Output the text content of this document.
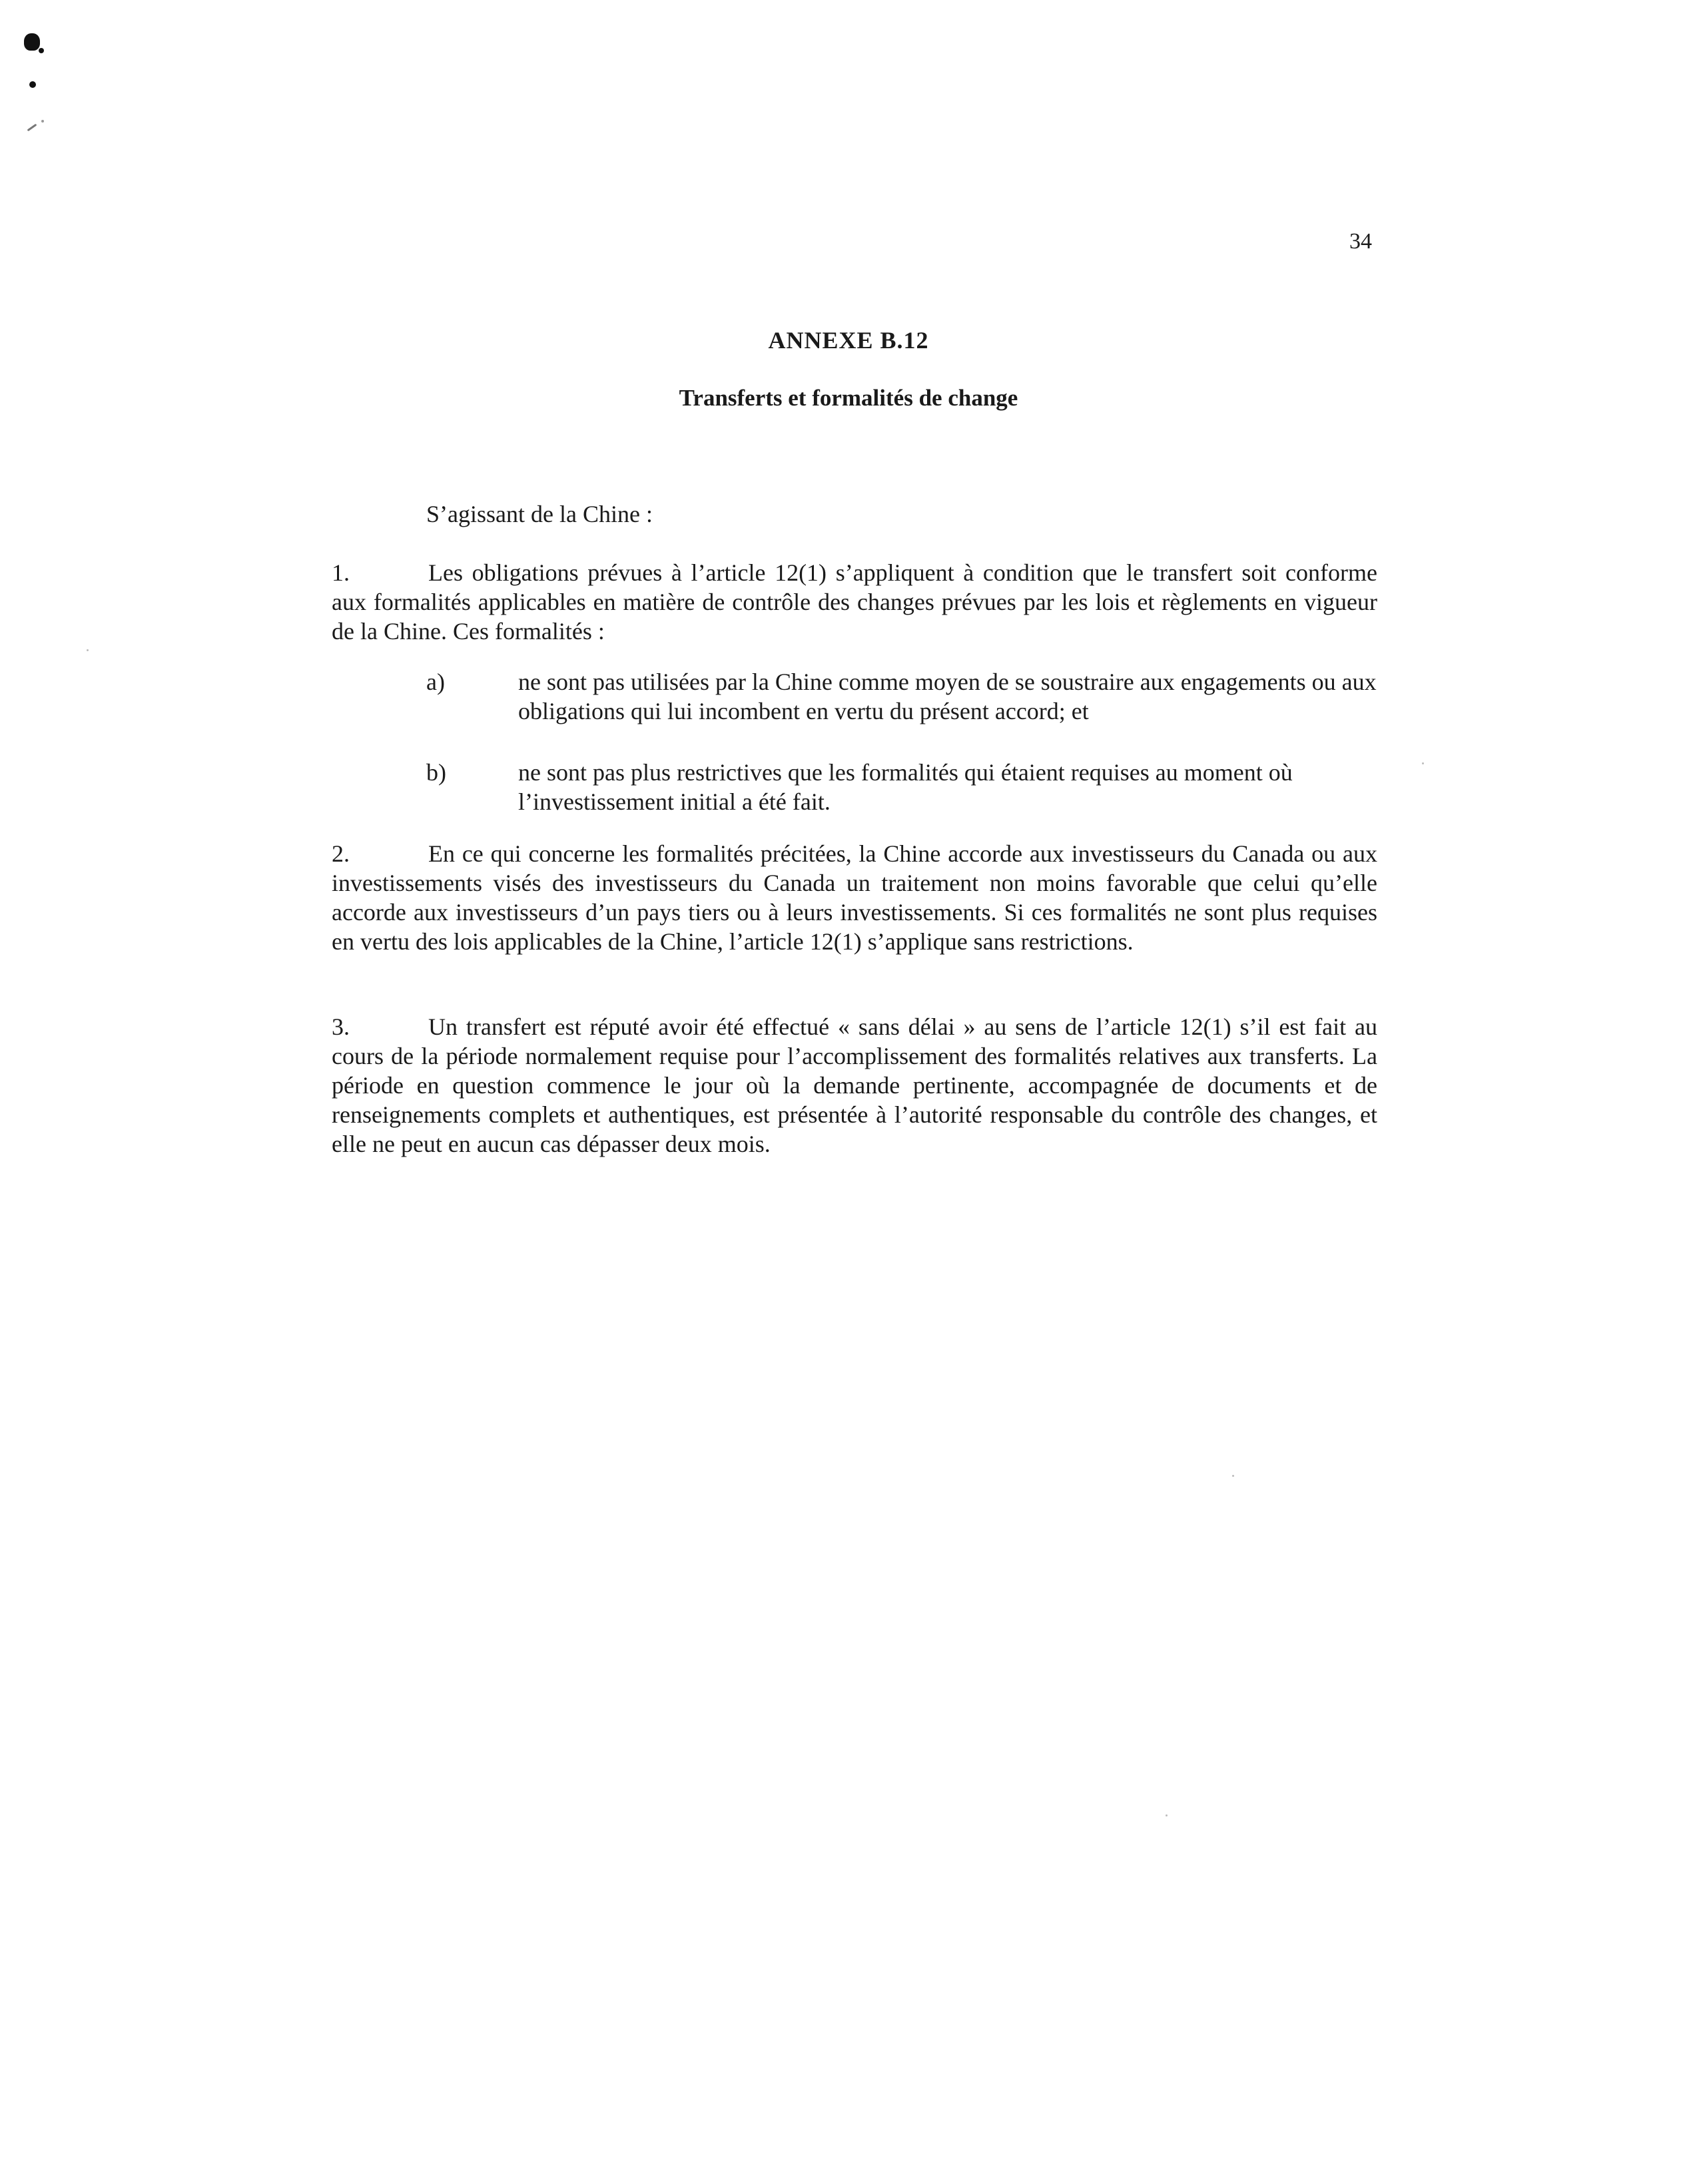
34
ANNEXE B.12
Transferts et formalités de change
S’agissant de la Chine :
1.	Les obligations prévues à l’article 12(1) s’appliquent à condition que le transfert soit conforme aux formalités applicables en matière de contrôle des changes prévues par les lois et règlements en vigueur de la Chine. Ces formalités :
a)	ne sont pas utilisées par la Chine comme moyen de se soustraire aux engagements ou aux obligations qui lui incombent en vertu du présent accord; et
b)	ne sont pas plus restrictives que les formalités qui étaient requises au moment où l’investissement initial a été fait.
2.	En ce qui concerne les formalités précitées, la Chine accorde aux investisseurs du Canada ou aux investissements visés des investisseurs du Canada un traitement non moins favorable que celui qu’elle accorde aux investisseurs d’un pays tiers ou à leurs investissements. Si ces formalités ne sont plus requises en vertu des lois applicables de la Chine, l’article 12(1) s’applique sans restrictions.
3.	Un transfert est réputé avoir été effectué « sans délai » au sens de l’article 12(1) s’il est fait au cours de la période normalement requise pour l’accomplissement des formalités relatives aux transferts. La période en question commence le jour où la demande pertinente, accompagnée de documents et de renseignements complets et authentiques, est présentée à l’autorité responsable du contrôle des changes, et elle ne peut en aucun cas dépasser deux mois.
